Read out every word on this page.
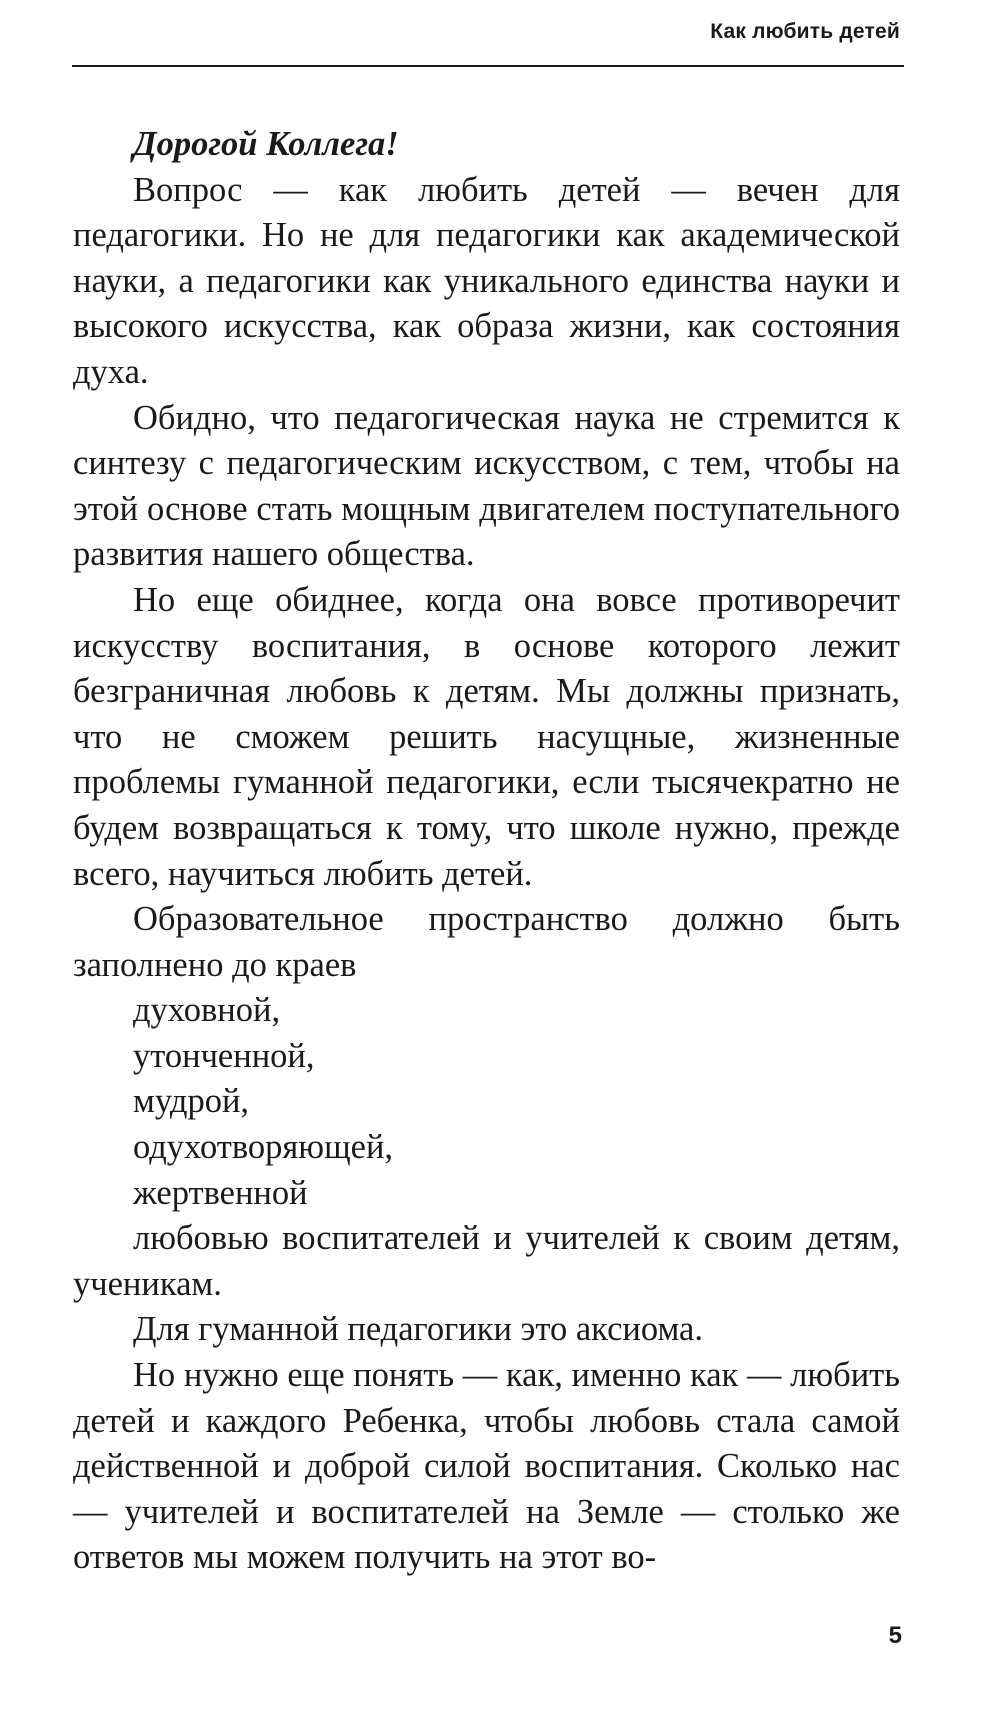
Как любить детей

Дорогой Коллега!

Вопрос — как любить детей — вечен для педагогики. Но не для педагогики как академической науки, а педагогики как уникального единства науки и высокого искусства, как образа жизни, как состояния духа.

Обидно, что педагогическая наука не стремится к синтезу с педагогическим искусством, с тем, чтобы на этой основе стать мощным двигателем поступательного развития нашего общества.

Но еще обиднее, когда она вовсе противоречит искусству воспитания, в основе которого лежит безграничная любовь к детям. Мы должны признать, что не сможем решить насущные, жизненные проблемы гуманной педагогики, если тысячекратно не будем возвращаться к тому, что школе нужно, прежде всего, научиться любить детей.

Образовательное пространство должно быть заполнено до краев

духовной,

утонченной,

мудрой,

одухотворяющей,

жертвенной

любовью воспитателей и учителей к своим детям, ученикам.

Для гуманной педагогики это аксиома.

Но нужно еще понять — как, именно как — любить детей и каждого Ребенка, чтобы любовь стала самой действенной и доброй силой воспитания. Сколько нас — учителей и воспитателей на Земле — столько же ответов мы можем получить на этот во-

5
